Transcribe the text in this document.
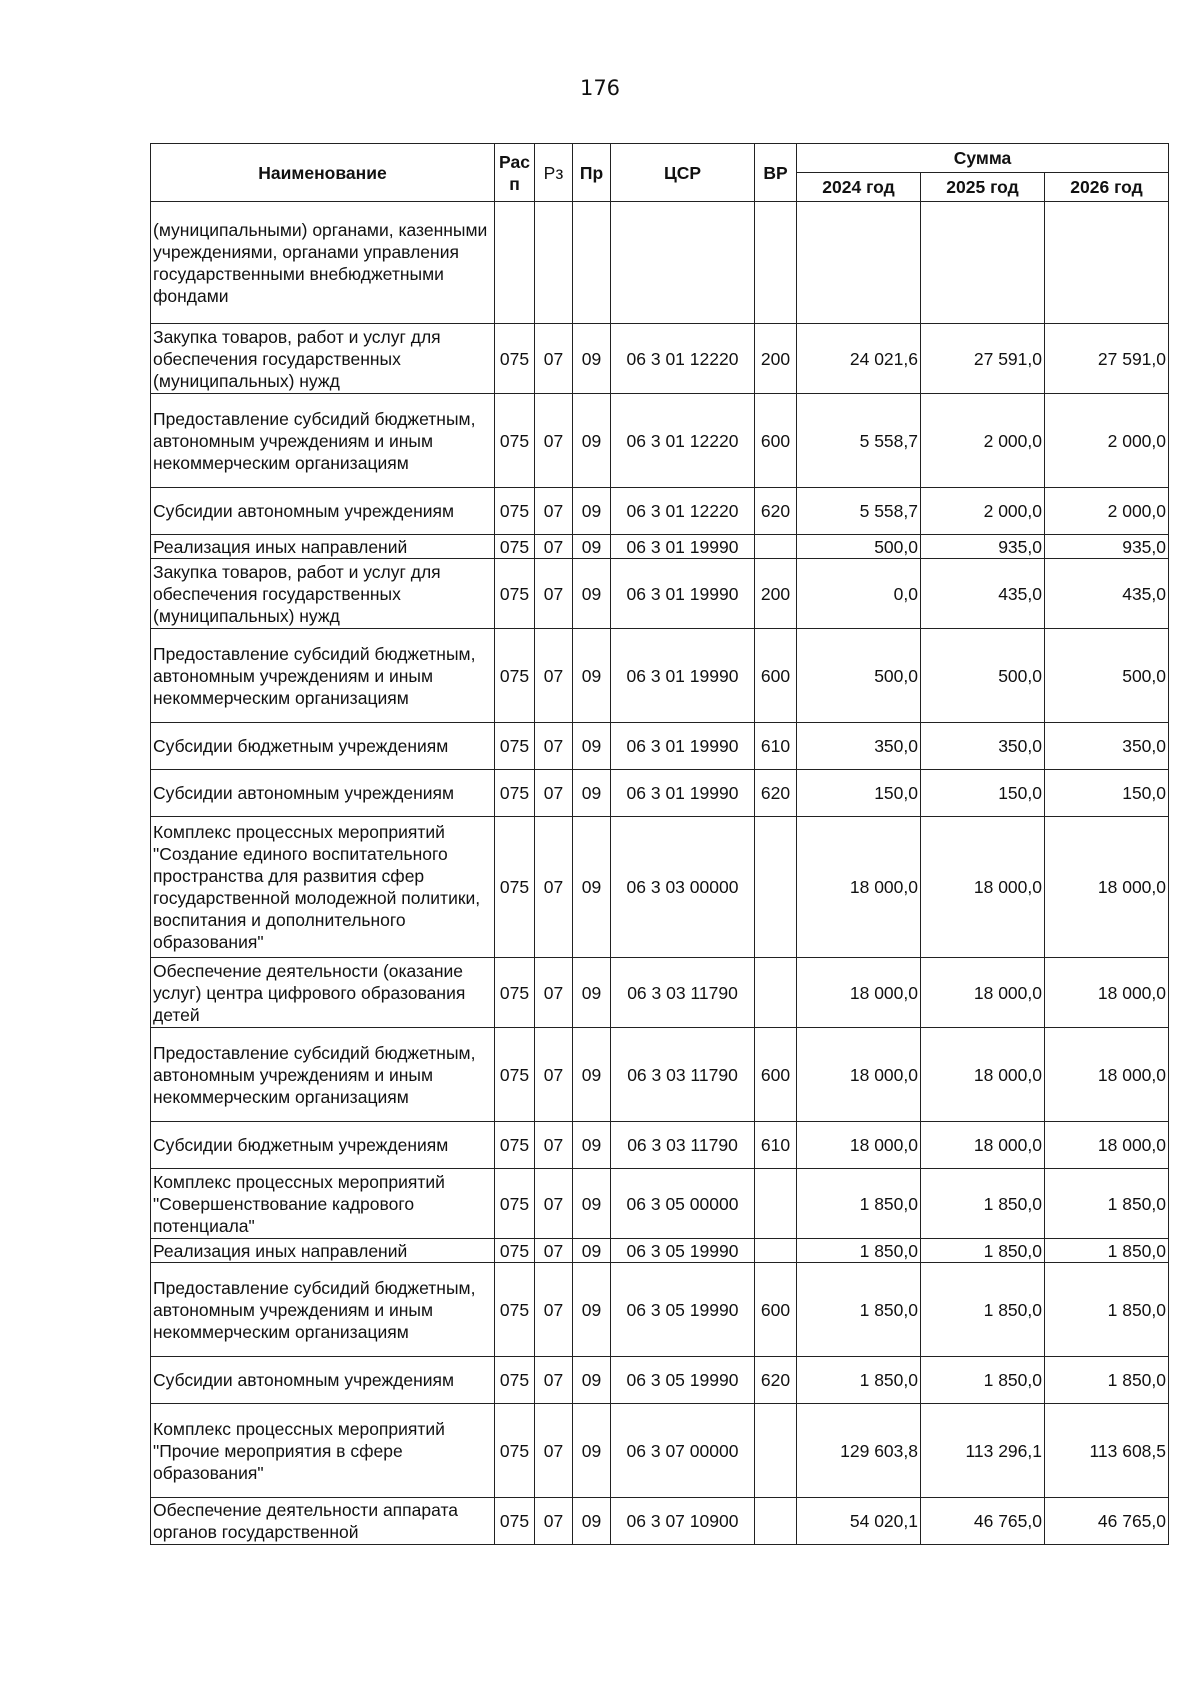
176
Наименование	Рас
п	Рз	Пр	ЦСР	ВР	Сумма		
						2024 год	2025 год	2026 год
(муниципальными) органами, казенными учреждениями, органами управления государственными внебюджетными фондами								
Закупка товаров, работ и услуг для обеспечения государственных (муниципальных) нужд	075	07	09	06 3 01 12220	200	24 021,6	27 591,0	27 591,0
Предоставление субсидий бюджетным, автономным учреждениям и иным некоммерческим организациям	075	07	09	06 3 01 12220	600	5 558,7	2 000,0	2 000,0
Субсидии автономным учреждениям	075	07	09	06 3 01 12220	620	5 558,7	2 000,0	2 000,0
Реализация иных направлений	075	07	09	06 3 01 19990		500,0	935,0	935,0
Закупка товаров, работ и услуг для обеспечения государственных (муниципальных) нужд	075	07	09	06 3 01 19990	200	0,0	435,0	435,0
Предоставление субсидий бюджетным, автономным учреждениям и иным некоммерческим организациям	075	07	09	06 3 01 19990	600	500,0	500,0	500,0
Субсидии бюджетным учреждениям	075	07	09	06 3 01 19990	610	350,0	350,0	350,0
Субсидии автономным учреждениям	075	07	09	06 3 01 19990	620	150,0	150,0	150,0
Комплекс процессных мероприятий "Создание единого воспитательного пространства для развития сфер государственной молодежной политики, воспитания и дополнительного образования"	075	07	09	06 3 03 00000		18 000,0	18 000,0	18 000,0
Обеспечение деятельности (оказание услуг) центра цифрового образования детей	075	07	09	06 3 03 11790		18 000,0	18 000,0	18 000,0
Предоставление субсидий бюджетным, автономным учреждениям и иным некоммерческим организациям	075	07	09	06 3 03 11790	600	18 000,0	18 000,0	18 000,0
Субсидии бюджетным учреждениям	075	07	09	06 3 03 11790	610	18 000,0	18 000,0	18 000,0
Комплекс процессных мероприятий "Совершенствование кадрового потенциала"	075	07	09	06 3 05 00000		1 850,0	1 850,0	1 850,0
Реализация иных направлений	075	07	09	06 3 05 19990		1 850,0	1 850,0	1 850,0
Предоставление субсидий бюджетным, автономным учреждениям и иным некоммерческим организациям	075	07	09	06 3 05 19990	600	1 850,0	1 850,0	1 850,0
Субсидии автономным учреждениям	075	07	09	06 3 05 19990	620	1 850,0	1 850,0	1 850,0
Комплекс процессных мероприятий "Прочие мероприятия в сфере образования"	075	07	09	06 3 07 00000		129 603,8	113 296,1	113 608,5
Обеспечение деятельности аппарата органов государственной	075	07	09	06 3 07 10900		54 020,1	46 765,0	46 765,0
